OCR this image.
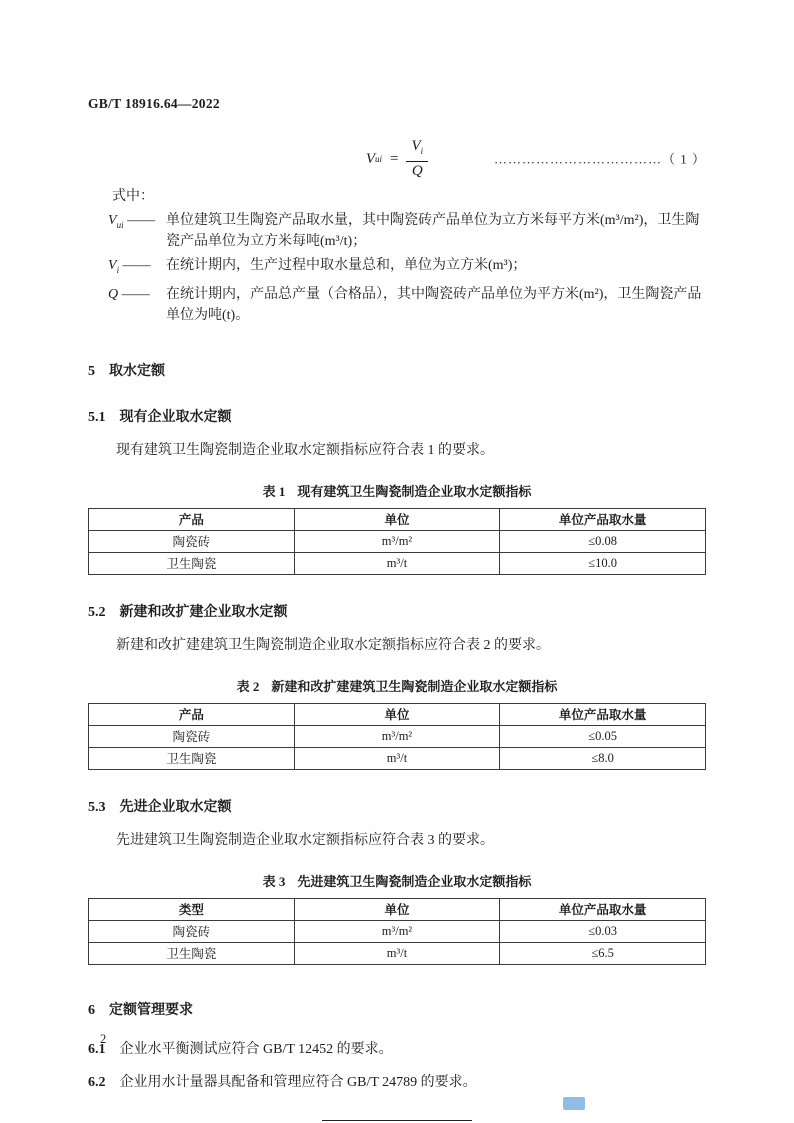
GB/T 18916.64—2022
V ui = $\frac{V_i}{Q}$	………………………………（ 1 ）
式中：
$V_{ui}$ —— 单位建筑卫生陶瓷产品取水量，其中陶瓷砖产品单位为立方米每平方米(m³/m²)，卫生陶瓷产品单位为立方米每吨(m³/t)；
$V_i$ ——	在统计期内，生产过程中取水量总和，单位为立方米(m³)；
Q ——	在统计期内，产品总产量（合格品），其中陶瓷砖产品单位为平方米(m²)，卫生陶瓷产品单位为吨(t)。
5 取水定额
5.1 现有企业取水定额
现有建筑卫生陶瓷制造企业取水定额指标应符合表 1 的要求。
表 1 现有建筑卫生陶瓷制造企业取水定额指标
产品	单位	单位产品取水量
陶瓷砖	m³/m²	≤0.08
卫生陶瓷	m³/t	≤10.0
5.2 新建和改扩建企业取水定额
新建和改扩建建筑卫生陶瓷制造企业取水定额指标应符合表 2 的要求。
表 2 新建和改扩建建筑卫生陶瓷制造企业取水定额指标
产品	单位	单位产品取水量
陶瓷砖	m³/m²	≤0.05
卫生陶瓷	m³/t	≤8.0
5.3 先进企业取水定额
先进建筑卫生陶瓷制造企业取水定额指标应符合表 3 的要求。
表 3 先进建筑卫生陶瓷制造企业取水定额指标
类型	单位	单位产品取水量
陶瓷砖	m³/m²	≤0.03
卫生陶瓷	m³/t	≤6.5
6 定额管理要求
6.1 企业水平衡测试应符合 GB/T 12452 的要求。
6.2 企业用水计量器具配备和管理应符合 GB/T 24789 的要求。
2
